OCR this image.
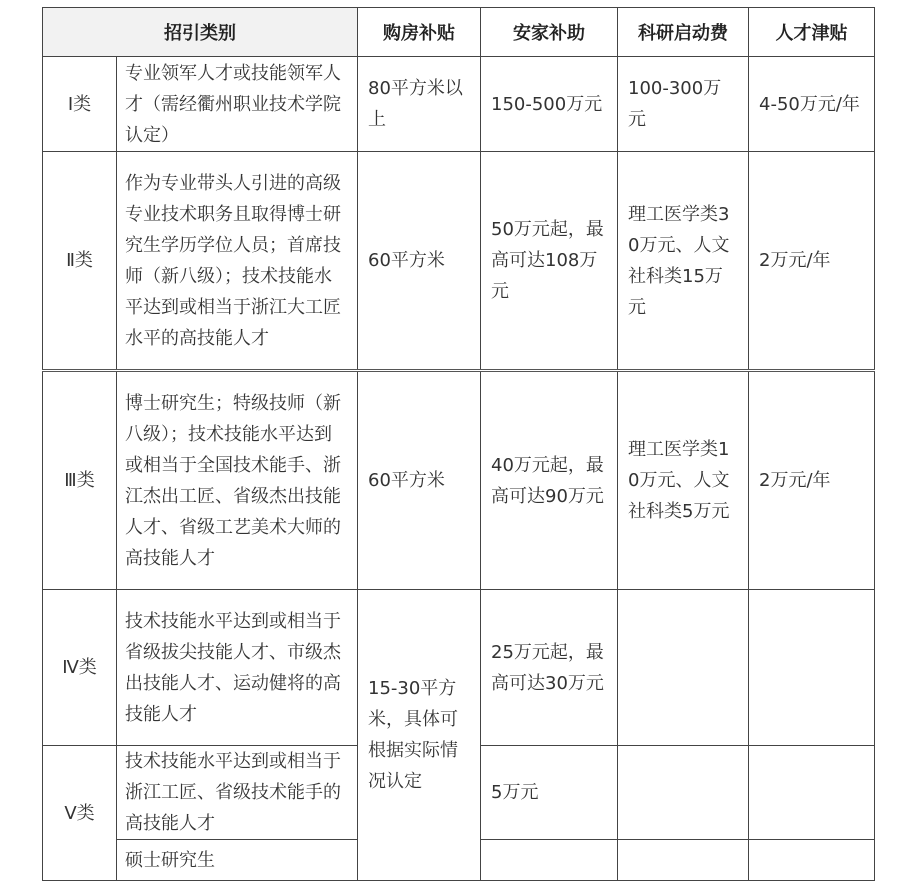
招引类别		购房补贴	安家补助	科研启动费	人才津贴
Ⅰ类	专业领军人才或技能领军人才（需经衢州职业技术学院认定）	80平方米以上	150-500万元	100-300万元	4-50万元/年
Ⅱ类	作为专业带头人引进的高级专业技术职务且取得博士研究生学历学位人员；首席技师（新八级）；技术技能水平达到或相当于浙江大工匠水平的高技能人才	60平方米	50万元起，最高可达108万元	理工医学类30万元、人文社科类15万元	2万元/年
Ⅲ类	博士研究生；特级技师（新八级）；技术技能水平达到或相当于全国技术能手、浙江杰出工匠、省级杰出技能人才、省级工艺美术大师的高技能人才	60平方米	40万元起，最高可达90万元	理工医学类10万元、人文社科类5万元	2万元/年
Ⅳ类	技术技能水平达到或相当于省级拔尖技能人才、市级杰出技能人才、运动健将的高技能人才	15-30平方米，具体可根据实际情况认定	25万元起，最高可达30万元		
Ⅴ类	技术技能水平达到或相当于浙江工匠、省级技术能手的高技能人才		5万元		
	硕士研究生				
